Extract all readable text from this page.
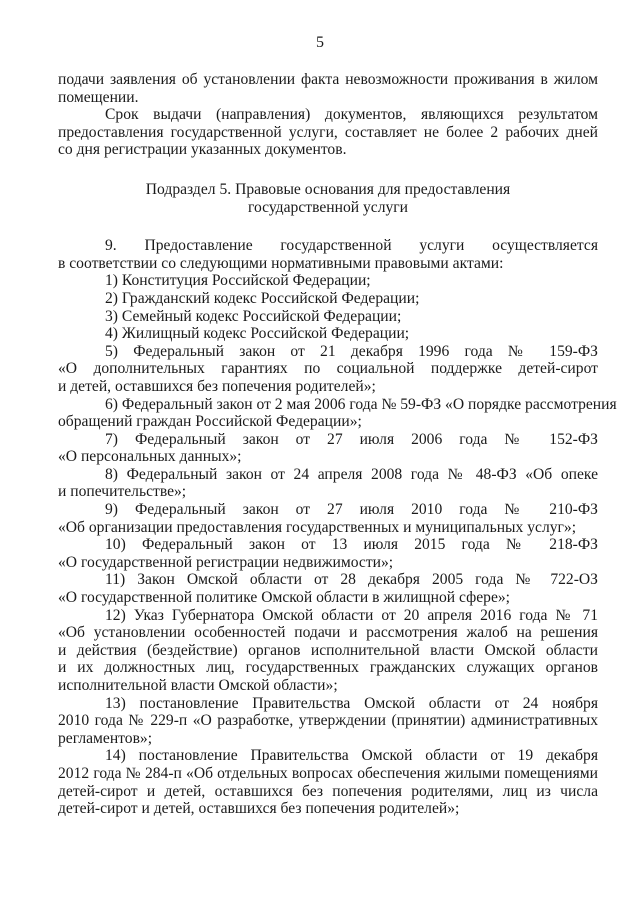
5
подачи заявления об установлении факта невозможности проживания в жилом
помещении.
Срок выдачи (направления) документов, являющихся результатом
предоставления государственной услуги, составляет не более 2 рабочих дней
со дня регистрации указанных документов.
Подраздел 5. Правовые основания для предоставления
государственной услуги
9. Предоставление государственной услуги осуществляется
в соответствии со следующими нормативными правовыми актами:
1) Конституция Российской Федерации;
2) Гражданский кодекс Российской Федерации;
3) Семейный кодекс Российской Федерации;
4) Жилищный кодекс Российской Федерации;
5) Федеральный закон от 21 декабря 1996 года № 159-ФЗ
«О дополнительных гарантиях по социальной поддержке детей-сирот
и детей, оставшихся без попечения родителей»;
6) Федеральный закон от 2 мая 2006 года № 59-ФЗ «О порядке рассмотрения
обращений граждан Российской Федерации»;
7) Федеральный закон от 27 июля 2006 года № 152-ФЗ
«О персональных данных»;
8) Федеральный закон от 24 апреля 2008 года № 48-ФЗ «Об опеке
и попечительстве»;
9) Федеральный закон от 27 июля 2010 года № 210-ФЗ
«Об организации предоставления государственных и муниципальных услуг»;
10) Федеральный закон от 13 июля 2015 года № 218-ФЗ
«О государственной регистрации недвижимости»;
11) Закон Омской области от 28 декабря 2005 года № 722-ОЗ
«О государственной политике Омской области в жилищной сфере»;
12) Указ Губернатора Омской области от 20 апреля 2016 года № 71
«Об установлении особенностей подачи и рассмотрения жалоб на решения
и действия (бездействие) органов исполнительной власти Омской области
и их должностных лиц, государственных гражданских служащих органов
исполнительной власти Омской области»;
13) постановление Правительства Омской области от 24 ноября
2010 года № 229-п «О разработке, утверждении (принятии) административных
регламентов»;
14) постановление Правительства Омской области от 19 декабря
2012 года № 284-п «Об отдельных вопросах обеспечения жилыми помещениями
детей-сирот и детей, оставшихся без попечения родителями, лиц из числа
детей-сирот и детей, оставшихся без попечения родителей»;
